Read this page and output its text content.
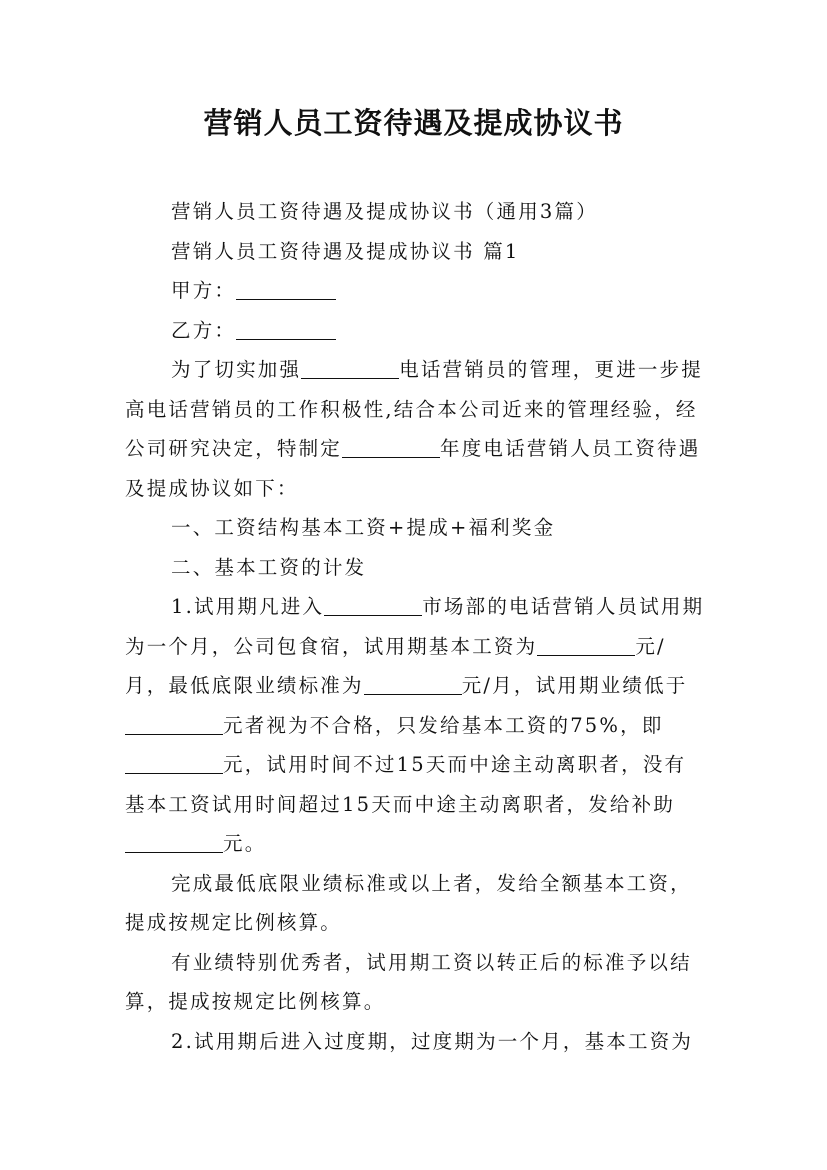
营销人员工资待遇及提成协议书

营销人员工资待遇及提成协议书（通用3篇）

营销人员工资待遇及提成协议书 篇1

甲方：

乙方：

为了切实加强	电话营销员的管理，更进一步提高电话营销员的工作积极性,结合本公司近来的管理经验，经公司研究决定，特制定	年度电话营销人员工资待遇及提成协议如下：

一、工资结构基本工资+提成+福利奖金

二、基本工资的计发

1.试用期凡进入	市场部的电话营销人员试用期为一个月，公司包食宿，试用期基本工资为	元/月，最低底限业绩标准为	元/月，试用期业绩低于元者视为不合格，只发给基本工资的75%，即元，试用时间不过15天而中途主动离职者，没有基本工资试用时间超过15天而中途主动离职者，发给补助元。

完成最低底限业绩标准或以上者，发给全额基本工资，提成按规定比例核算。

有业绩特别优秀者，试用期工资以转正后的标准予以结算，提成按规定比例核算。

2.试用期后进入过度期，过度期为一个月，基本工资为
